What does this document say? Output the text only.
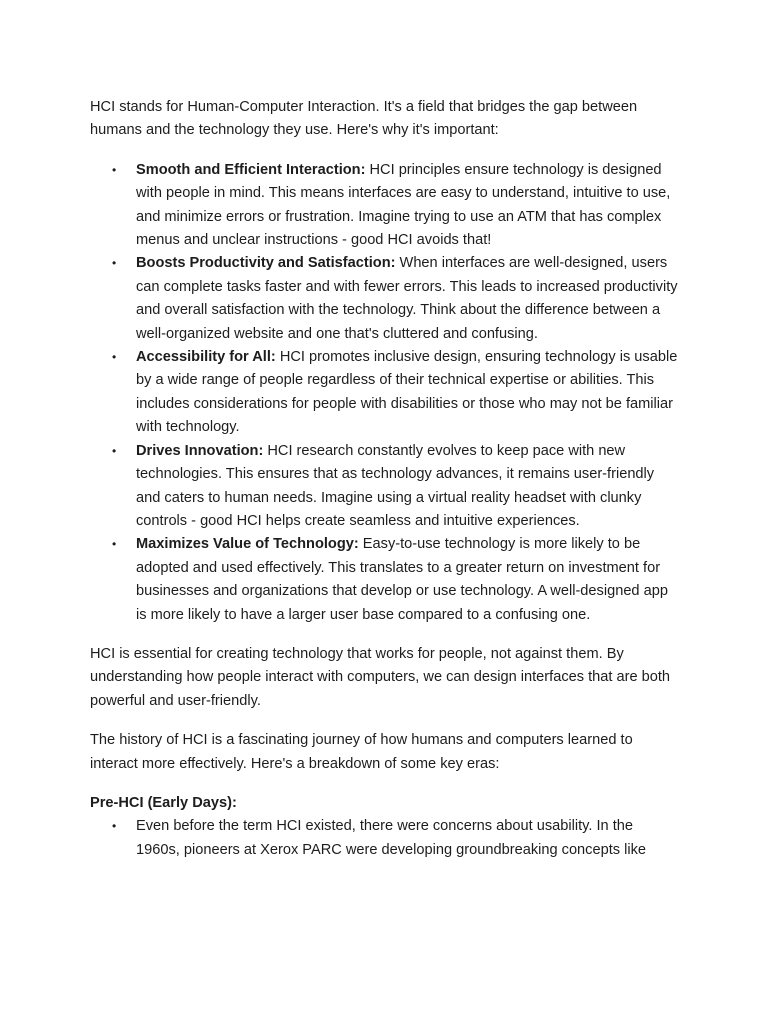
HCI stands for Human-Computer Interaction. It's a field that bridges the gap between humans and the technology they use. Here's why it's important:

• Smooth and Efficient Interaction: HCI principles ensure technology is designed with people in mind. This means interfaces are easy to understand, intuitive to use, and minimize errors or frustration. Imagine trying to use an ATM that has complex menus and unclear instructions - good HCI avoids that!
• Boosts Productivity and Satisfaction: When interfaces are well-designed, users can complete tasks faster and with fewer errors. This leads to increased productivity and overall satisfaction with the technology. Think about the difference between a well-organized website and one that's cluttered and confusing.
• Accessibility for All: HCI promotes inclusive design, ensuring technology is usable by a wide range of people regardless of their technical expertise or abilities. This includes considerations for people with disabilities or those who may not be familiar with technology.
• Drives Innovation: HCI research constantly evolves to keep pace with new technologies. This ensures that as technology advances, it remains user-friendly and caters to human needs. Imagine using a virtual reality headset with clunky controls - good HCI helps create seamless and intuitive experiences.
• Maximizes Value of Technology: Easy-to-use technology is more likely to be adopted and used effectively. This translates to a greater return on investment for businesses and organizations that develop or use technology. A well-designed app is more likely to have a larger user base compared to a confusing one.

HCI is essential for creating technology that works for people, not against them. By understanding how people interact with computers, we can design interfaces that are both powerful and user-friendly.

The history of HCI is a fascinating journey of how humans and computers learned to interact more effectively. Here's a breakdown of some key eras:

Pre-HCI (Early Days):

• Even before the term HCI existed, there were concerns about usability. In the 1960s, pioneers at Xerox PARC were developing groundbreaking concepts like
